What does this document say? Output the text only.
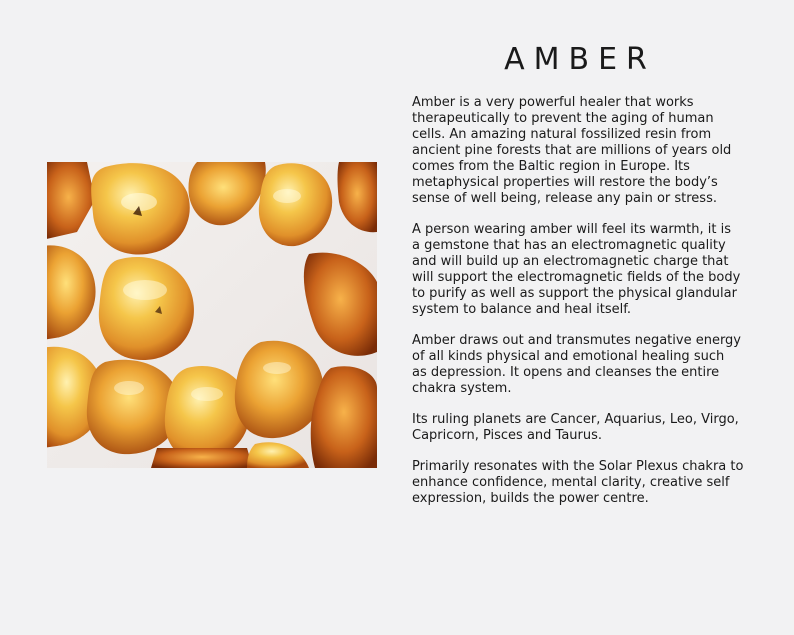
AMBER

Amber is a very powerful healer that works
therapeutically to prevent the aging of human
cells. An amazing natural fossilized resin from
ancient pine forests that are millions of years old
comes from the Baltic region in Europe. Its
metaphysical properties will restore the body’s
sense of well being, release any pain or stress.

A person wearing amber will feel its warmth, it is
a gemstone that has an electromagnetic quality
and will build up an electromagnetic charge that
will support the electromagnetic fields of the body
to purify as well as support the physical glandular
system to balance and heal itself.

Amber draws out and transmutes negative energy
of all kinds physical and emotional healing such
as depression. It opens and cleanses the entire
chakra system.

Its ruling planets are Cancer, Aquarius, Leo, Virgo,
Capricorn, Pisces and Taurus.

Primarily resonates with the Solar Plexus chakra to
enhance confidence, mental clarity, creative self
expression, builds the power centre.
